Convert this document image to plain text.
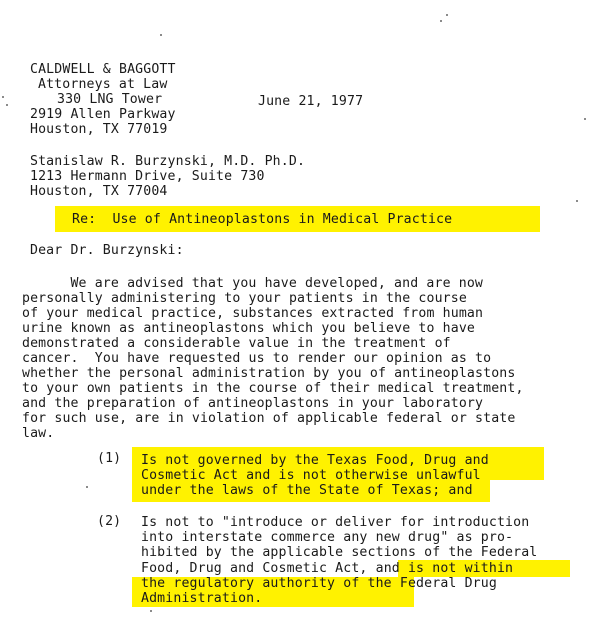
CALDWELL & BAGGOTT
Attorneys at Law
330 LNG Tower
2919 Allen Parkway
Houston, TX 77019
June 21, 1977
Stanislaw R. Burzynski, M.D. Ph.D.
1213 Hermann Drive, Suite 730
Houston, TX 77004
Re:  Use of Antineoplastons in Medical Practice
Dear Dr. Burzynski:
We are advised that you have developed, and are now
personally administering to your patients in the course
of your medical practice, substances extracted from human
urine known as antineoplastons which you believe to have
demonstrated a considerable value in the treatment of
cancer.  You have requested us to render our opinion as to
whether the personal administration by you of antineoplastons
to your own patients in the course of their medical treatment,
and the preparation of antineoplastons in your laboratory
for such use, are in violation of applicable federal or state
law.
(1) Is not governed by the Texas Food, Drug and
Cosmetic Act and is not otherwise unlawful
under the laws of the State of Texas; and
(2) Is not to "introduce or deliver for introduction
into interstate commerce any new drug" as pro-
hibited by the applicable sections of the Federal
Food, Drug and Cosmetic Act, and is not within
the regulatory authority of the Federal Drug
Administration.
